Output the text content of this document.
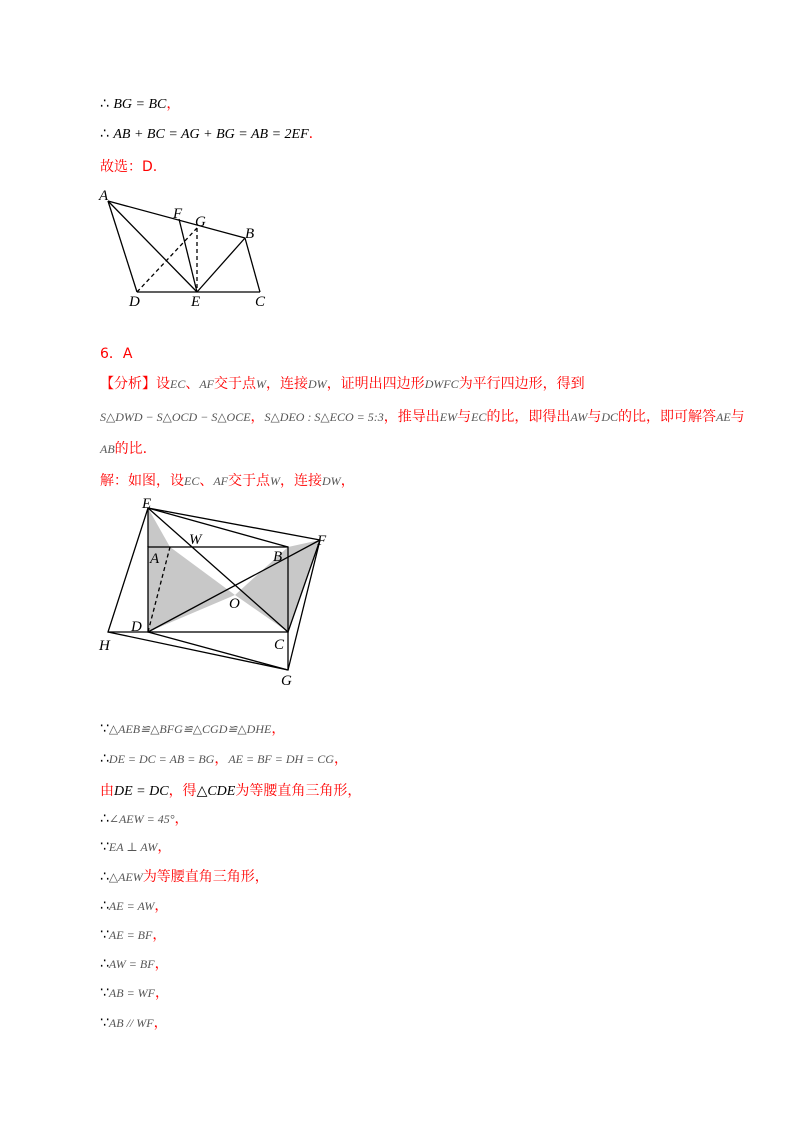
∴ BG = BC，
∴ AB + BC = AG + BG = AB = 2EF.
故选：D.
A
F G
B
D	E	C
6．A
【分析】设EC、AF交于点W，连接DW，证明出四边形DWFC为平行四边形，得到
S△DWD − S△OCD − S△OCE，S△DEO : S△ECO = 5:3，推导出EW与EC的比，即得出AW与DC的比，即可解答AE与
AB的比.
解：如图，设EC、AF交于点W，连接DW，
E
W
B
F
A
O
D
H	C
G
∵△AEB≌△BFG≌△CGD≌△DHE，
∴DE = DC = AB = BG，AE = BF = DH = CG，
由DE = DC，得△CDE为等腰直角三角形，
∴∠AEW = 45°，
∵EA ⊥ AW，
∴△AEW为等腰直角三角形，
∴AE = AW，
∵AE = BF，
∴AW = BF，
∵AB = WF，
∵AB // WF，
